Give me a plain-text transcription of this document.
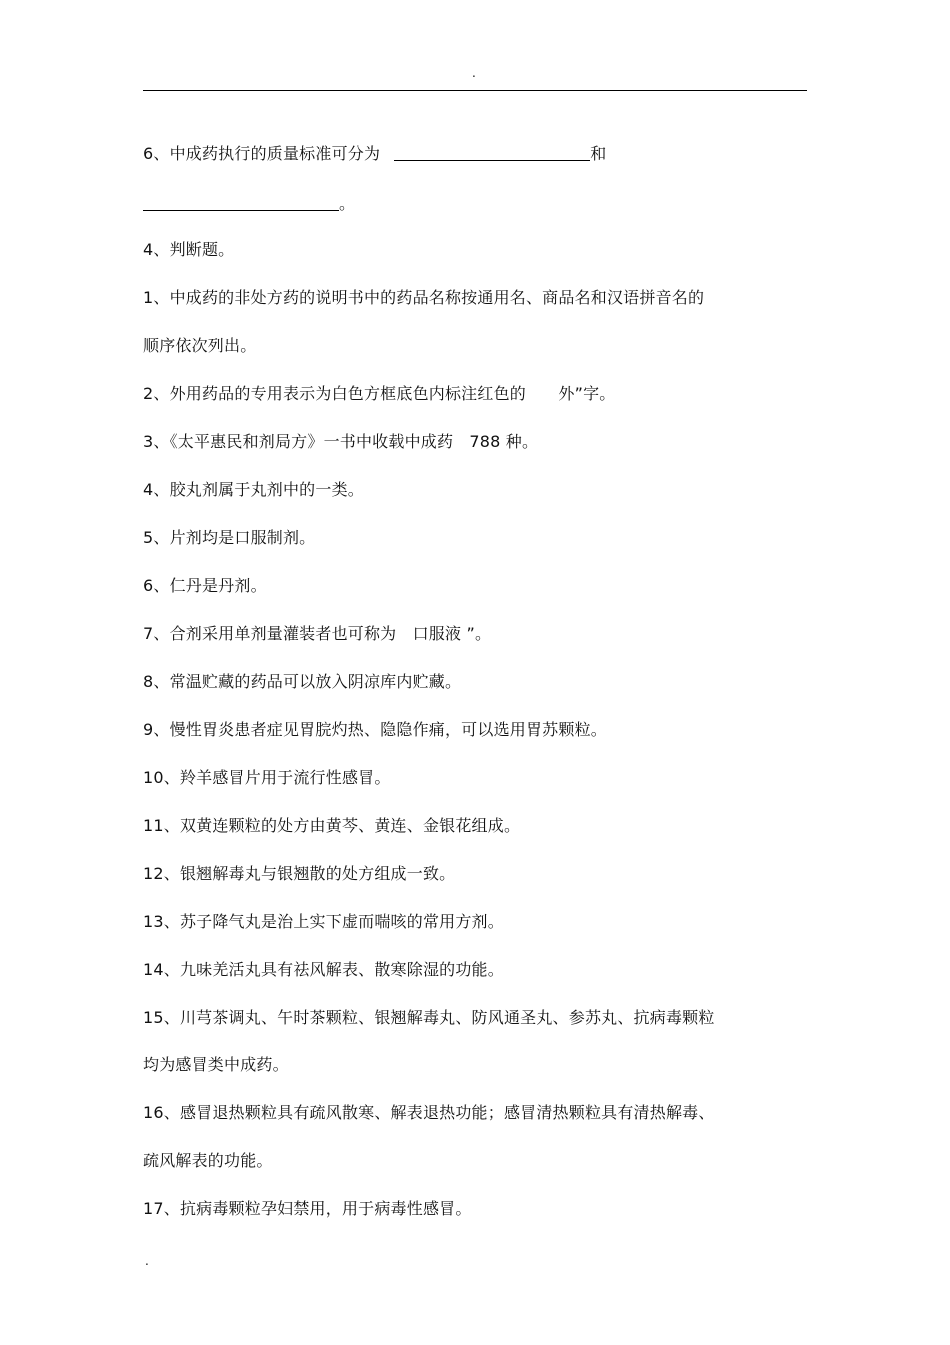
.
6、中成药执行的质量标准可分为	和
。
4、判断题。
1、中成药的非处方药的说明书中的药品名称按通用名、商品名和汉语拼音名的
顺序依次列出。
2、外用药品的专用表示为白色方框底色内标注红色的　　外”字。
3、《太平惠民和剂局方》一书中收载中成药　788 种。
4、胶丸剂属于丸剂中的一类。
5、片剂均是口服制剂。
6、仁丹是丹剂。
7、合剂采用单剂量灌装者也可称为　口服液 ”。
8、常温贮藏的药品可以放入阴凉库内贮藏。
9、慢性胃炎患者症见胃脘灼热、隐隐作痛，可以选用胃苏颗粒。
10、羚羊感冒片用于流行性感冒。
11、双黄连颗粒的处方由黄芩、黄连、金银花组成。
12、银翘解毒丸与银翘散的处方组成一致。
13、苏子降气丸是治上实下虚而喘咳的常用方剂。
14、九味羌活丸具有祛风解表、散寒除湿的功能。
15、川芎茶调丸、午时茶颗粒、银翘解毒丸、防风通圣丸、参苏丸、抗病毒颗粒
均为感冒类中成药。
16、感冒退热颗粒具有疏风散寒、解表退热功能；感冒清热颗粒具有清热解毒、
疏风解表的功能。
17、抗病毒颗粒孕妇禁用，用于病毒性感冒。
.
